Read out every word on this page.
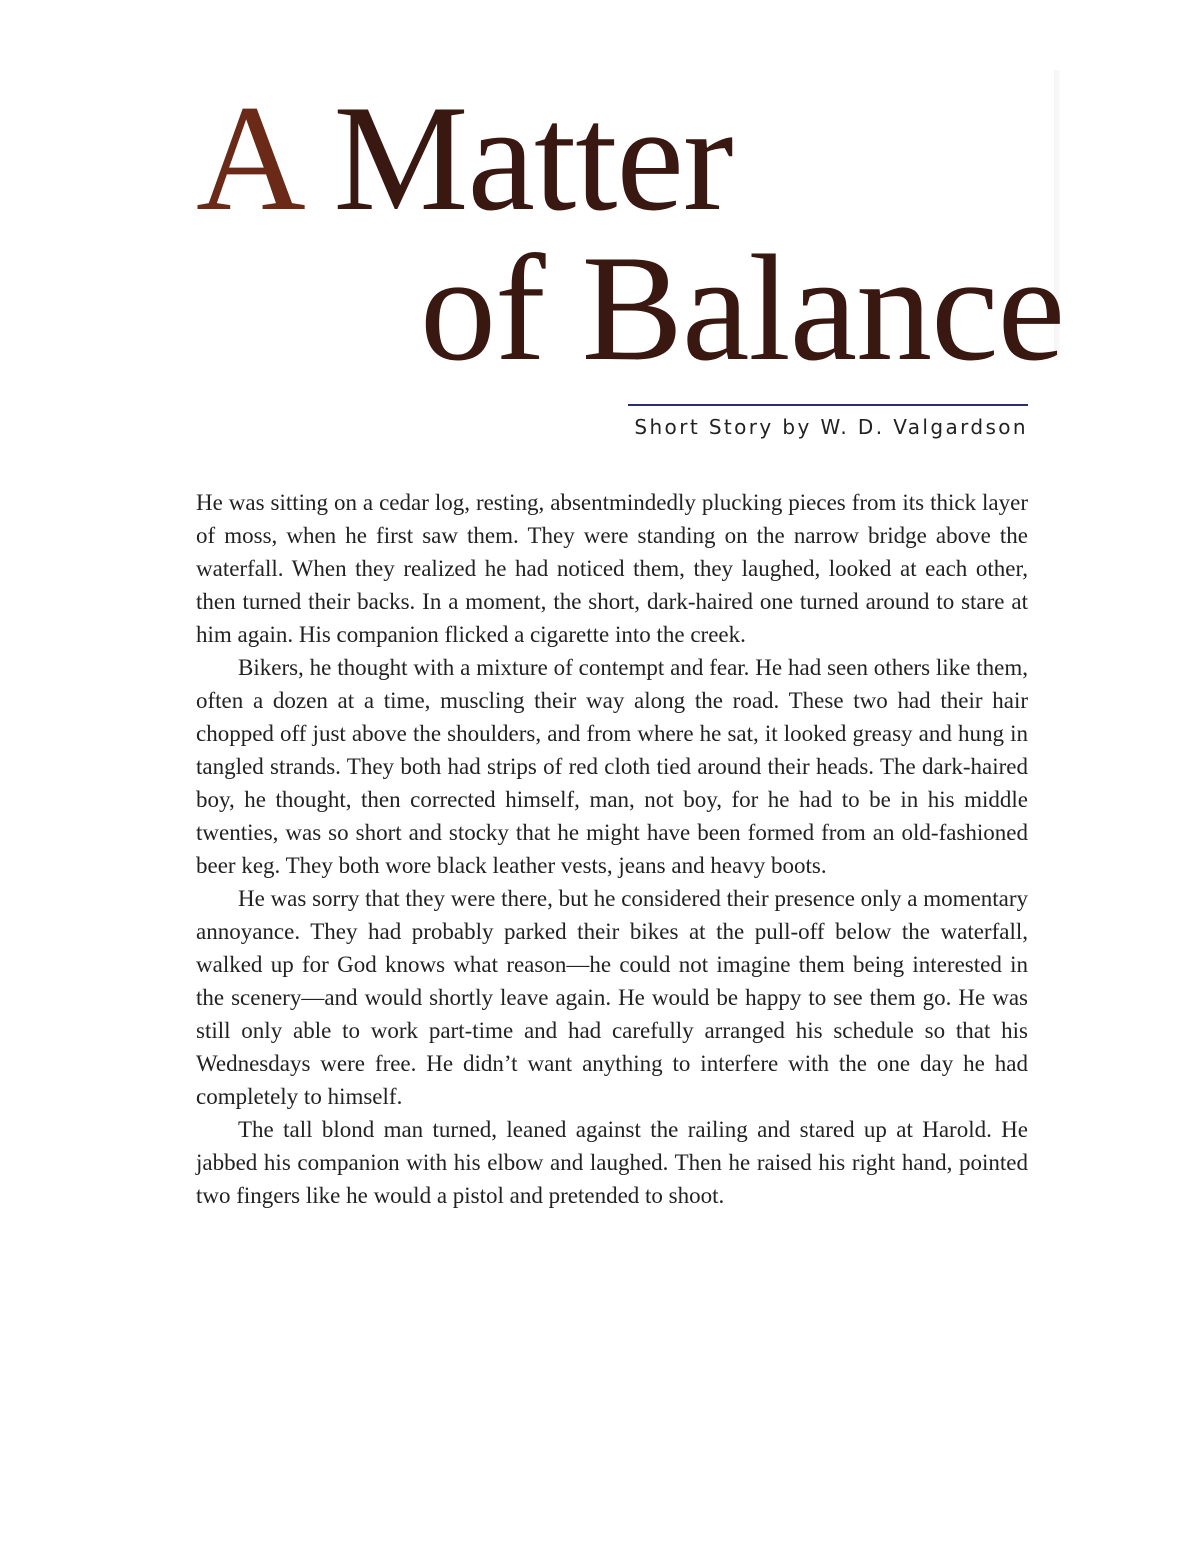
A Matter
of Balance
Short Story by W. D. Valgardson

He was sitting on a cedar log, resting, absentmindedly plucking pieces from its thick layer of moss, when he first saw them. They were standing on the narrow bridge above the waterfall. When they realized he had noticed them, they laughed, looked at each other, then turned their backs. In a moment, the short, dark-haired one turned around to stare at him again. His companion flicked a cigarette into the creek.

Bikers, he thought with a mixture of contempt and fear. He had seen others like them, often a dozen at a time, muscling their way along the road. These two had their hair chopped off just above the shoulders, and from where he sat, it looked greasy and hung in tangled strands. They both had strips of red cloth tied around their heads. The dark-haired boy, he thought, then corrected himself, man, not boy, for he had to be in his middle twenties, was so short and stocky that he might have been formed from an old-fashioned beer keg. They both wore black leather vests, jeans and heavy boots.

He was sorry that they were there, but he considered their presence only a momentary annoyance. They had probably parked their bikes at the pull-off below the waterfall, walked up for God knows what reason—he could not imagine them being interested in the scenery—and would shortly leave again. He would be happy to see them go. He was still only able to work part-time and had carefully arranged his schedule so that his Wednesdays were free. He didn’t want anything to interfere with the one day he had completely to himself.

The tall blond man turned, leaned against the railing and stared up at Harold. He jabbed his companion with his elbow and laughed. Then he raised his right hand, pointed two fingers like he would a pistol and pretended to shoot.
